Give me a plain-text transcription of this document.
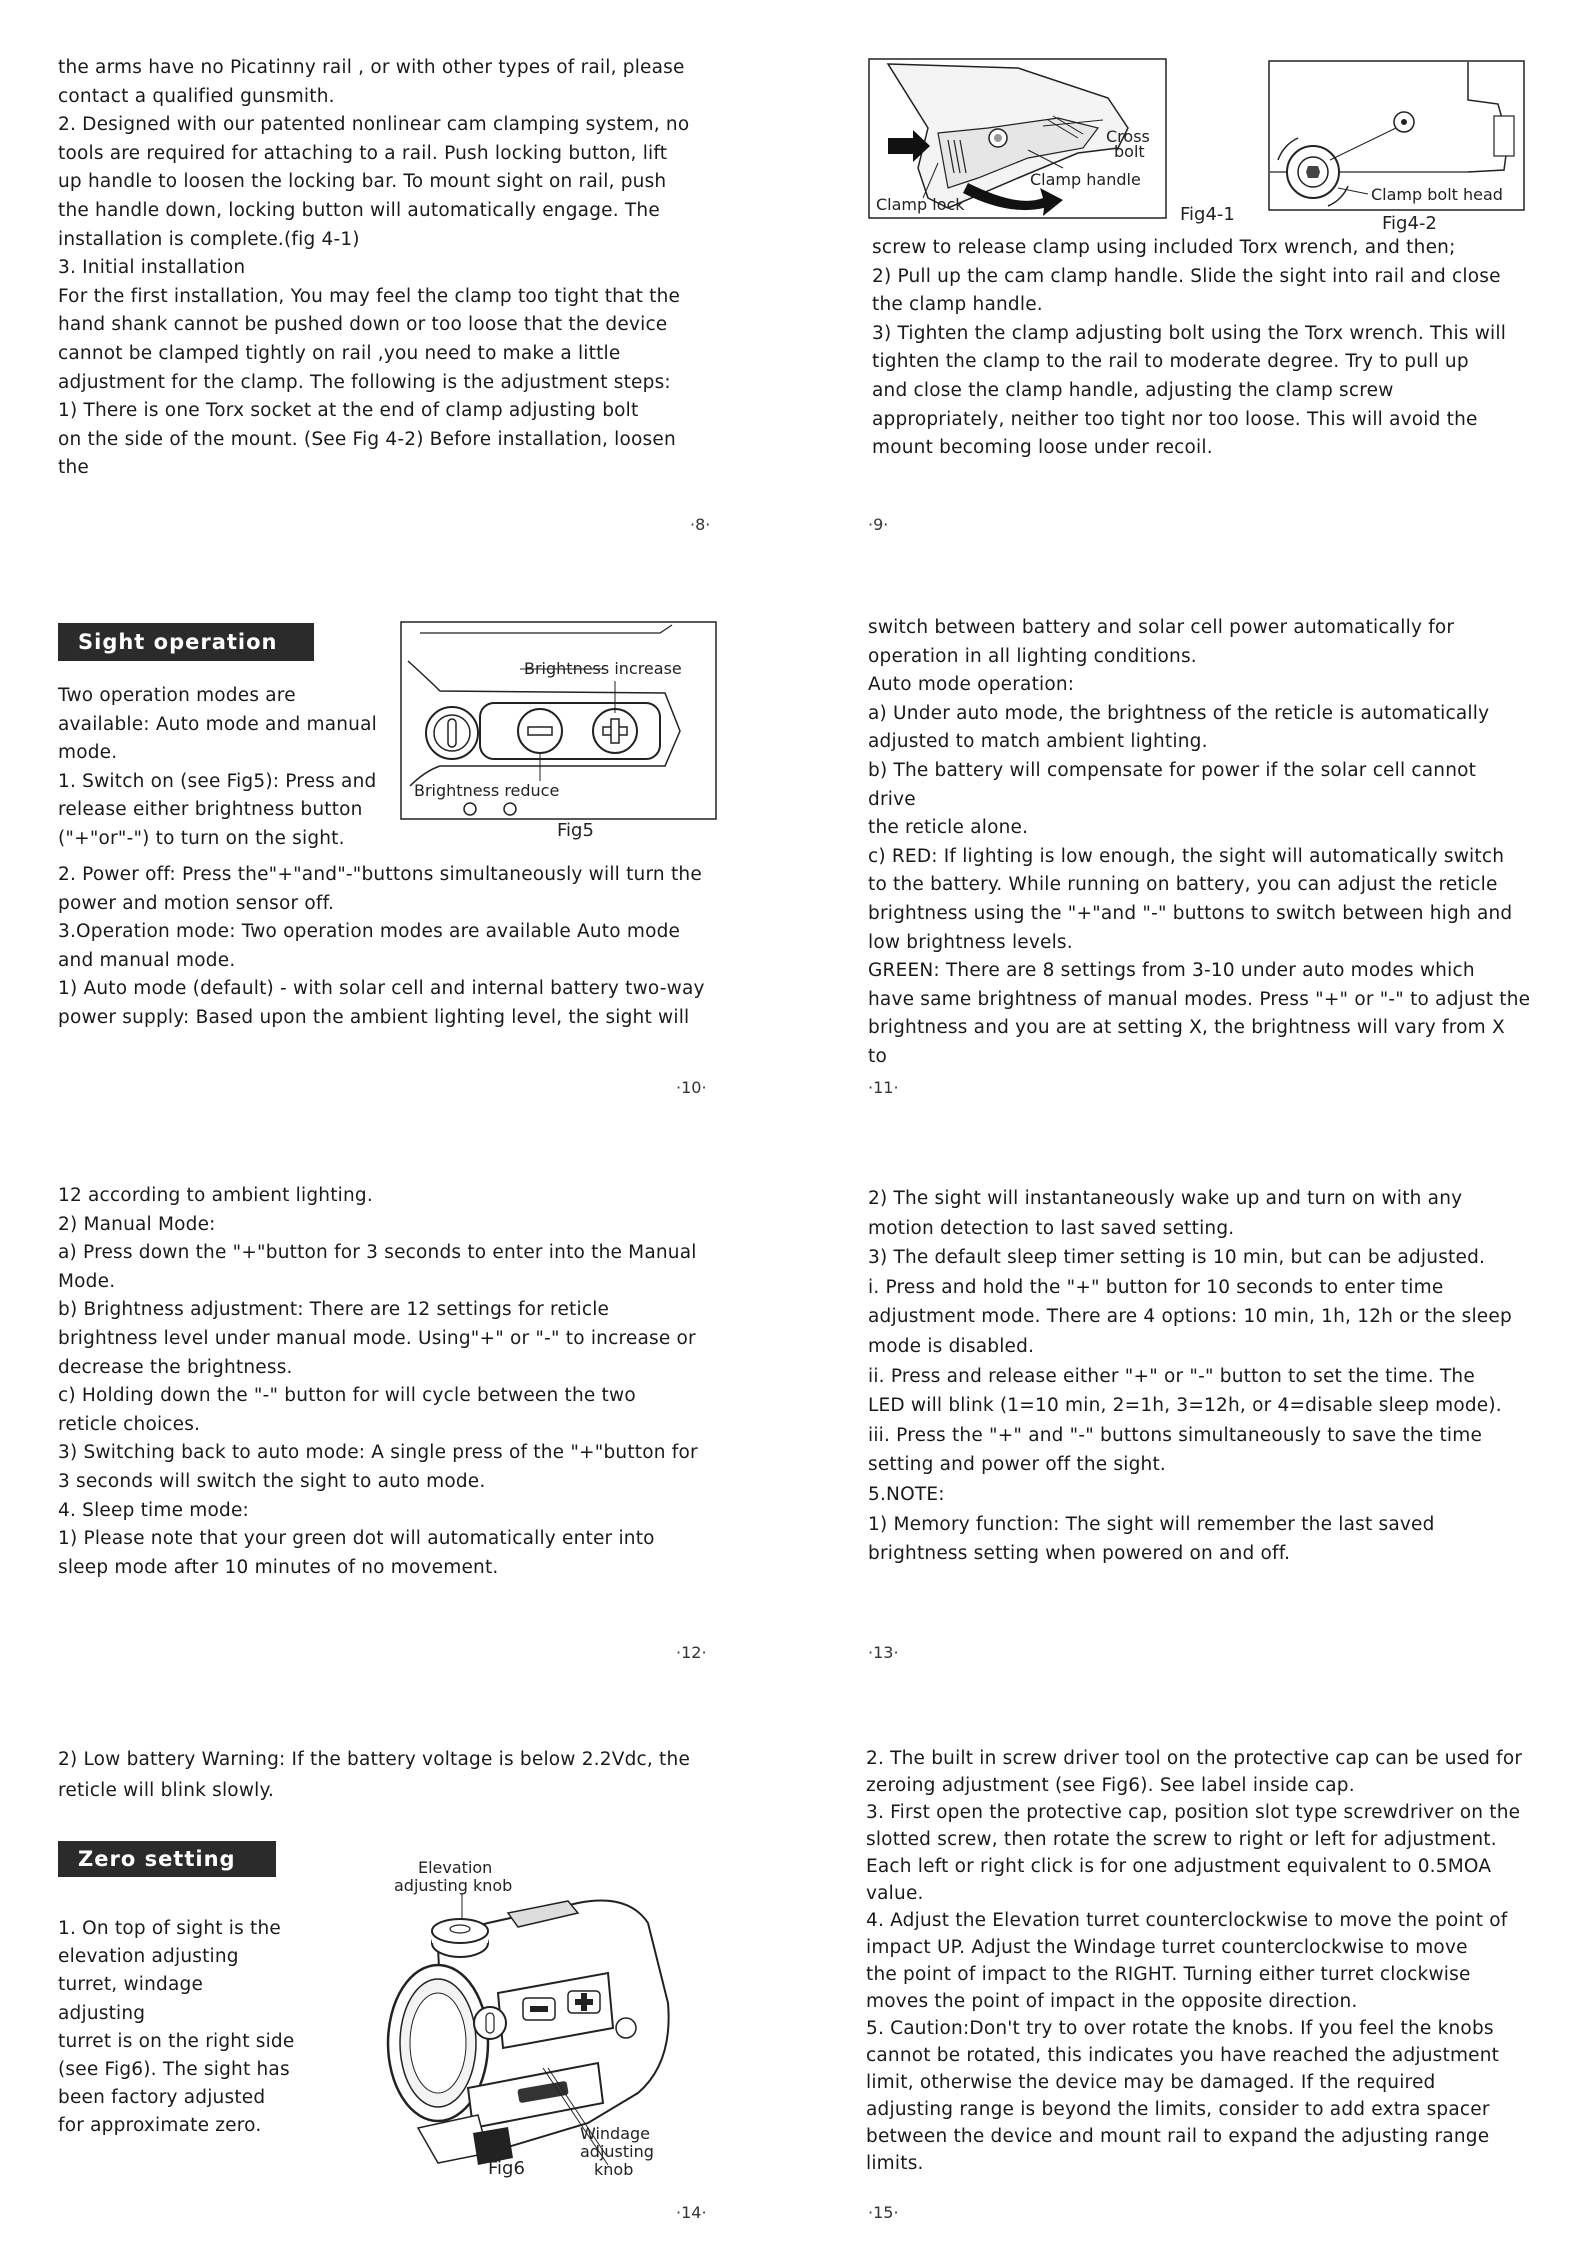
the arms have no Picatinny rail , or with other types of rail, please

contact a qualified gunsmith.

2. Designed with our patented nonlinear cam clamping system, no

tools are required for attaching to a rail. Push locking button, lift

up handle to loosen the locking bar. To mount sight on rail, push

the handle down, locking button will automatically engage. The

installation is complete.(fig 4-1)

3. Initial installation

For the first installation, You may feel the clamp too tight that the

hand shank cannot be pushed down or too loose that the device

cannot be clamped tightly on rail ,you need to make a little

adjustment for the clamp. The following is the adjustment steps:

1) There is one Torx socket at the end of clamp adjusting bolt

on the side of the mount. (See Fig 4-2) Before installation, loosen

the

·8·
Cross
bolt
Clamp handle
Clamp lock	Fig4-1
Clamp bolt head
Fig4-2

screw to release clamp using included Torx wrench, and then;

2) Pull up the cam clamp handle. Slide the sight into rail and close

the clamp handle.

3) Tighten the clamp adjusting bolt using the Torx wrench. This will

tighten the clamp to the rail to moderate degree. Try to pull up

and close the clamp handle, adjusting the clamp screw

appropriately, neither too tight nor too loose. This will avoid the

mount becoming loose under recoil.

·9·
Sight operation
Brightness increase
Brightness reduce
Fig5

Two operation modes are

available: Auto mode and manual

mode.

1. Switch on (see Fig5): Press and

release either brightness button

("+"or"-") to turn on the sight.

2. Power off: Press the"+"and"-"buttons simultaneously will turn the

power and motion sensor off.

3.Operation mode: Two operation modes are available Auto mode

and manual mode.

1) Auto mode (default) - with solar cell and internal battery two-way

power supply: Based upon the ambient lighting level, the sight will

·10·

switch between battery and solar cell power automatically for

operation in all lighting conditions.

Auto mode operation:

a) Under auto mode, the brightness of the reticle is automatically

adjusted to match ambient lighting.

b) The battery will compensate for power if the solar cell cannot

drive

the reticle alone.

c) RED: If lighting is low enough, the sight will automatically switch

to the battery. While running on battery, you can adjust the reticle

brightness using the "+"and "-" buttons to switch between high and

low brightness levels.

GREEN: There are 8 settings from 3-10 under auto modes which

have same brightness of manual modes. Press "+" or "-" to adjust the

brightness and you are at setting X, the brightness will vary from X

to

·11·

12 according to ambient lighting.

2) Manual Mode:

a) Press down the "+"button for 3 seconds to enter into the Manual

Mode.

b) Brightness adjustment: There are 12 settings for reticle

brightness level under manual mode. Using"+" or "-" to increase or

decrease the brightness.

c) Holding down the "-" button for will cycle between the two

reticle choices.

3) Switching back to auto mode: A single press of the "+"button for

3 seconds will switch the sight to auto mode.

4. Sleep time mode:

1) Please note that your green dot will automatically enter into

sleep mode after 10 minutes of no movement.

·12·

2) The sight will instantaneously wake up and turn on with any

motion detection to last saved setting.

3) The default sleep timer setting is 10 min, but can be adjusted.

i. Press and hold the "+" button for 10 seconds to enter time

adjustment mode. There are 4 options: 10 min, 1h, 12h or the sleep

mode is disabled.

ii. Press and release either "+" or "-" button to set the time. The

LED will blink (1=10 min, 2=1h, 3=12h, or 4=disable sleep mode).

iii. Press the "+" and "-" buttons simultaneously to save the time

setting and power off the sight.

5.NOTE:

1) Memory function: The sight will remember the last saved

brightness setting when powered on and off.

·13·

2) Low battery Warning: If the battery voltage is below 2.2Vdc, the

reticle will blink slowly.

Zero setting	Elevation
adjusting knob
Windage
adjusting
knob
Fig6

1. On top of sight is the

elevation adjusting

turret, windage

adjusting

turret is on the right side

(see Fig6). The sight has

been factory adjusted

for approximate zero.

·14·

2. The built in screw driver tool on the protective cap can be used for

zeroing adjustment (see Fig6). See label inside cap.

3. First open the protective cap, position slot type screwdriver on the

slotted screw, then rotate the screw to right or left for adjustment.

Each left or right click is for one adjustment equivalent to 0.5MOA

value.

4. Adjust the Elevation turret counterclockwise to move the point of

impact UP. Adjust the Windage turret counterclockwise to move

the point of impact to the RIGHT. Turning either turret clockwise

moves the point of impact in the opposite direction.

5. Caution:Don't try to over rotate the knobs. If you feel the knobs

cannot be rotated, this indicates you have reached the adjustment

limit, otherwise the device may be damaged. If the required

adjusting range is beyond the limits, consider to add extra spacer

between the device and mount rail to expand the adjusting range

limits.

·15·
